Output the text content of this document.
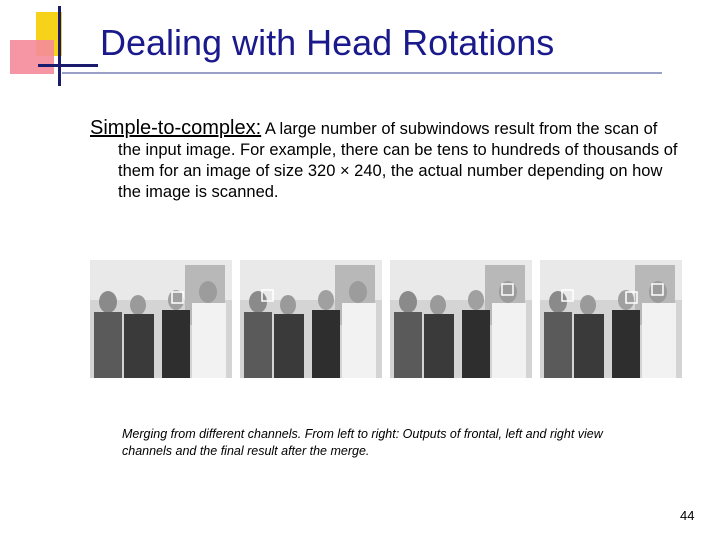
Dealing with Head Rotations
Simple-to-complex: A large number of subwindows result from the scan of the input image. For example, there can be tens to hundreds of thousands of them for an image of size 320 × 240, the actual number depending on how the image is scanned.
Merging from different channels. From left to right: Outputs of frontal, left and right view channels and the final result after the merge.
44
